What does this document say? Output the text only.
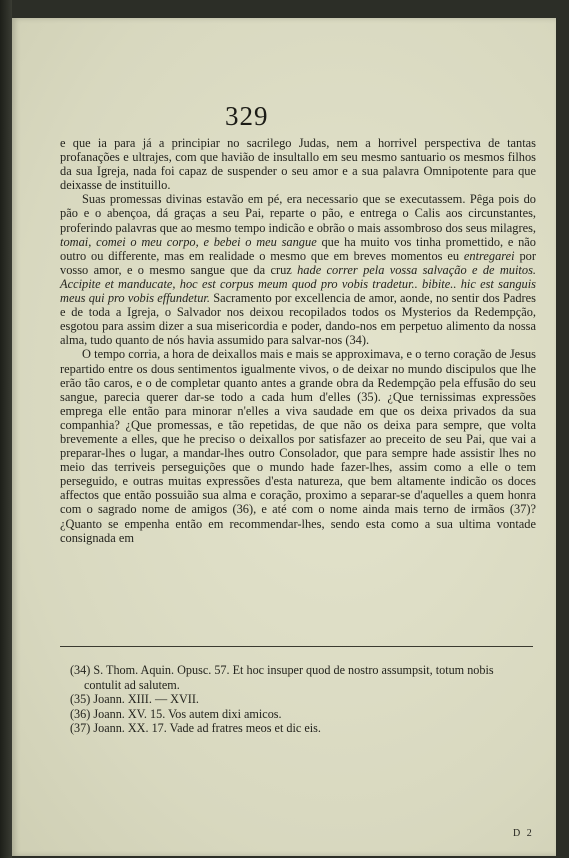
329

e que ia para já a principiar no sacrilego Judas, nem a horrivel perspectiva de tantas profanações e ultrajes, com que havião de insultallo em seu mesmo santuario os mesmos filhos da sua Igreja, nada foi capaz de suspender o seu amor e a sua palavra Omnipotente para que deixasse de instituillo.

Suas promessas divinas estavão em pé, era necessario que se executassem. Pêga pois do pão e o abençoa, dá graças a seu Pai, reparte o pão, e entrega o Calis aos circunstantes, proferindo palavras que ao mesmo tempo indicão e obrão o mais assombroso dos seus milagres, tomai, comei o meu corpo, e bebei o meu sangue que ha muito vos tinha promettido, e não outro ou differente, mas em realidade o mesmo que em breves momentos eu entregarei por vosso amor, e o mesmo sangue que da cruz hade correr pela vossa salvação e de muitos. Accipite et manducate, hoc est corpus meum quod pro vobis tradetur.. bibite.. hic est sanguis meus qui pro vobis effundetur. Sacramento por excellencia de amor, aonde, no sentir dos Padres e de toda a Igreja, o Salvador nos deixou recopilados todos os Mysterios da Redempção, esgotou para assim dizer a sua misericordia e poder, dando-nos em perpetuo alimento da nossa alma, tudo quanto de nós havia assumido para salvar-nos (34).

O tempo corria, a hora de deixallos mais e mais se approximava, e o terno coração de Jesus repartido entre os dous sentimentos igualmente vivos, o de deixar no mundo discipulos que lhe erão tão caros, e o de completar quanto antes a grande obra da Redempção pela effusão do seu sangue, parecia querer dar-se todo a cada hum d'elles (35). ¿Que ternissimas expressões emprega elle então para minorar n'elles a viva saudade em que os deixa privados da sua companhia? ¿Que promessas, e tão repetidas, de que não os deixa para sempre, que volta brevemente a elles, que he preciso o deixallos por satisfazer ao preceito de seu Pai, que vai a preparar-lhes o lugar, a mandar-lhes outro Consolador, que para sempre hade assistir lhes no meio das terriveis perseguições que o mundo hade fazer-lhes, assim como a elle o tem perseguido, e outras muitas expressões d'esta natureza, que bem altamente indicão os doces affectos que então possuião sua alma e coração, proximo a separar-se d'aquelles a quem honra com o sagrado nome de amigos (36), e até com o nome ainda mais terno de irmãos (37)? ¿Quanto se empenha então em recommendar-lhes, sendo esta como a sua ultima vontade consignada em

(34) S. Thom. Aquin. Opusc. 57. Et hoc insuper quod de nostro assumpsit, totum nobis contulit ad salutem.

(35) Joann. XIII. — XVII.

(36) Joann. XV. 15. Vos autem dixi amicos.

(37) Joann. XX. 17. Vade ad fratres meos et dic eis.

D 2
